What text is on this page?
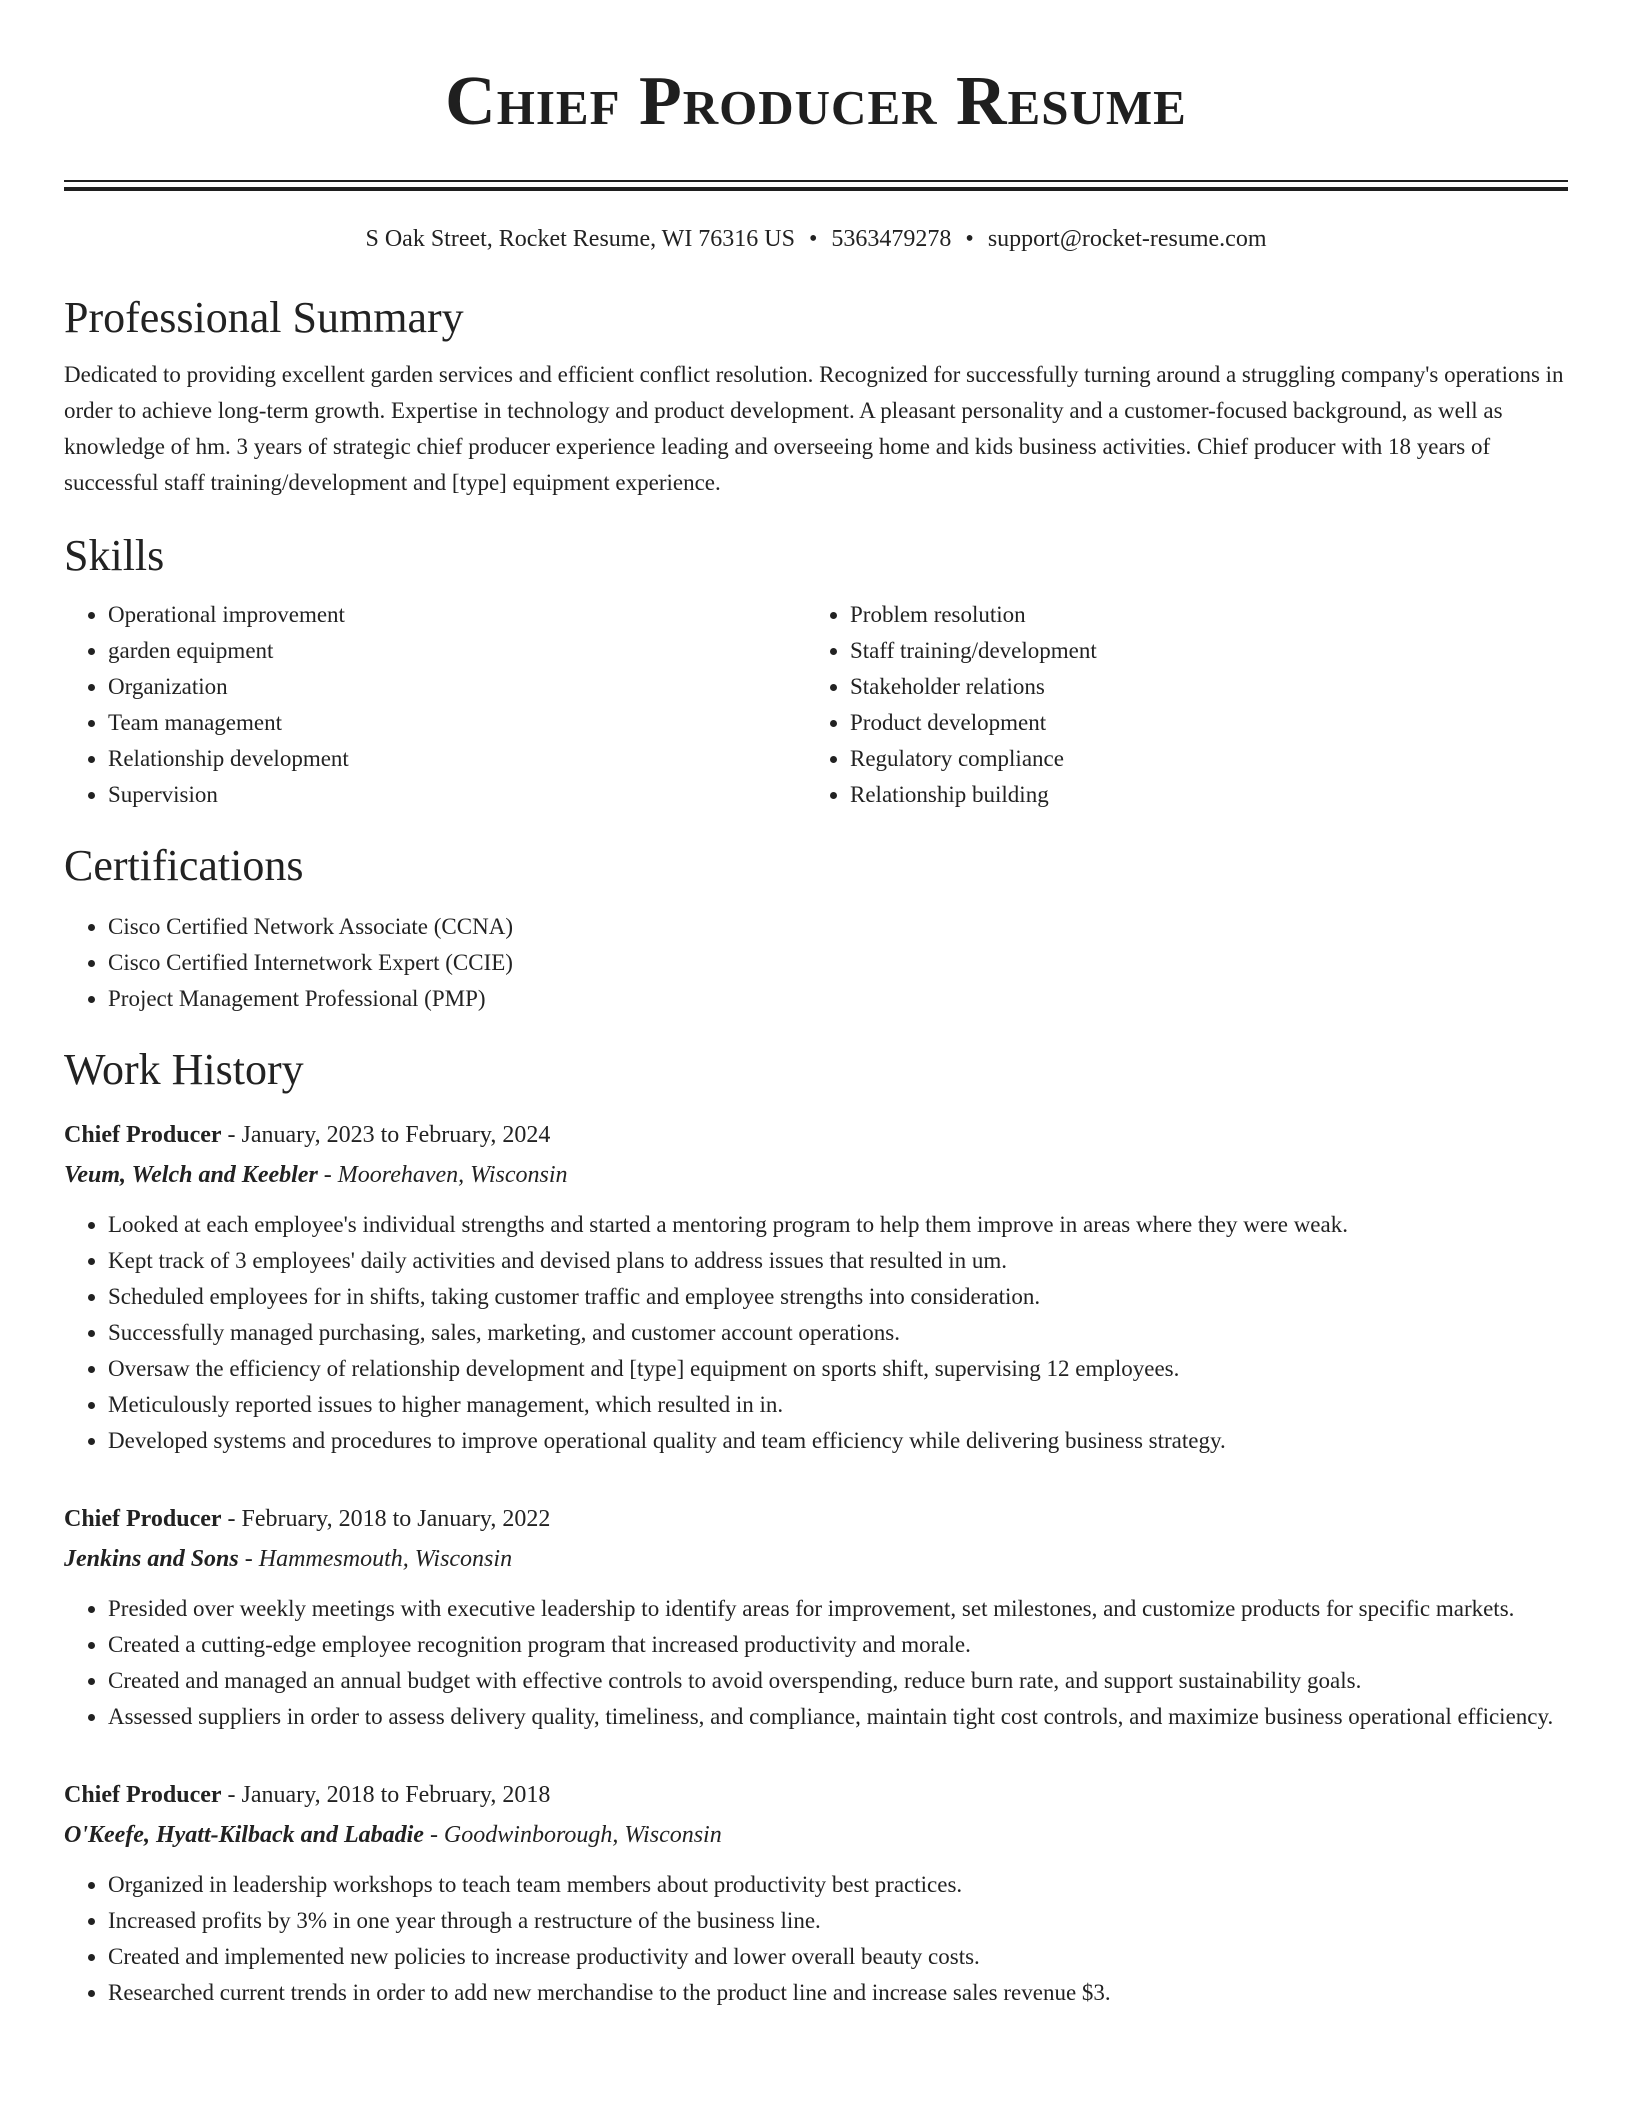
Chief Producer Resume
S Oak Street, Rocket Resume, WI 76316 US • 5363479278 • support@rocket-resume.com
Professional Summary

Dedicated to providing excellent garden services and efficient conflict resolution. Recognized for successfully turning around a struggling company's operations in order to achieve long-term growth. Expertise in technology and product development. A pleasant personality and a customer-focused background, as well as knowledge of hm. 3 years of strategic chief producer experience leading and overseeing home and kids business activities. Chief producer with 18 years of successful staff training/development and [type] equipment experience.

Skills
• Operational improvement
• garden equipment
• Organization
• Team management
• Relationship development
• Supervision
• Problem resolution
• Staff training/development
• Stakeholder relations
• Product development
• Regulatory compliance
• Relationship building
Certifications
• Cisco Certified Network Associate (CCNA)
• Cisco Certified Internetwork Expert (CCIE)
• Project Management Professional (PMP)
Work History
Chief Producer - January, 2023 to February, 2024
Veum, Welch and Keebler - Moorehaven, Wisconsin
• Looked at each employee's individual strengths and started a mentoring program to help them improve in areas where they were weak.
• Kept track of 3 employees' daily activities and devised plans to address issues that resulted in um.
• Scheduled employees for in shifts, taking customer traffic and employee strengths into consideration.
• Successfully managed purchasing, sales, marketing, and customer account operations.
• Oversaw the efficiency of relationship development and [type] equipment on sports shift, supervising 12 employees.
• Meticulously reported issues to higher management, which resulted in in.
• Developed systems and procedures to improve operational quality and team efficiency while delivering business strategy.
Chief Producer - February, 2018 to January, 2022
Jenkins and Sons - Hammesmouth, Wisconsin
• Presided over weekly meetings with executive leadership to identify areas for improvement, set milestones, and customize products for specific markets.
• Created a cutting-edge employee recognition program that increased productivity and morale.
• Created and managed an annual budget with effective controls to avoid overspending, reduce burn rate, and support sustainability goals.
• Assessed suppliers in order to assess delivery quality, timeliness, and compliance, maintain tight cost controls, and maximize business operational efficiency.
Chief Producer - January, 2018 to February, 2018
O'Keefe, Hyatt-Kilback and Labadie - Goodwinborough, Wisconsin
• Organized in leadership workshops to teach team members about productivity best practices.
• Increased profits by 3% in one year through a restructure of the business line.
• Created and implemented new policies to increase productivity and lower overall beauty costs.
• Researched current trends in order to add new merchandise to the product line and increase sales revenue $3.
